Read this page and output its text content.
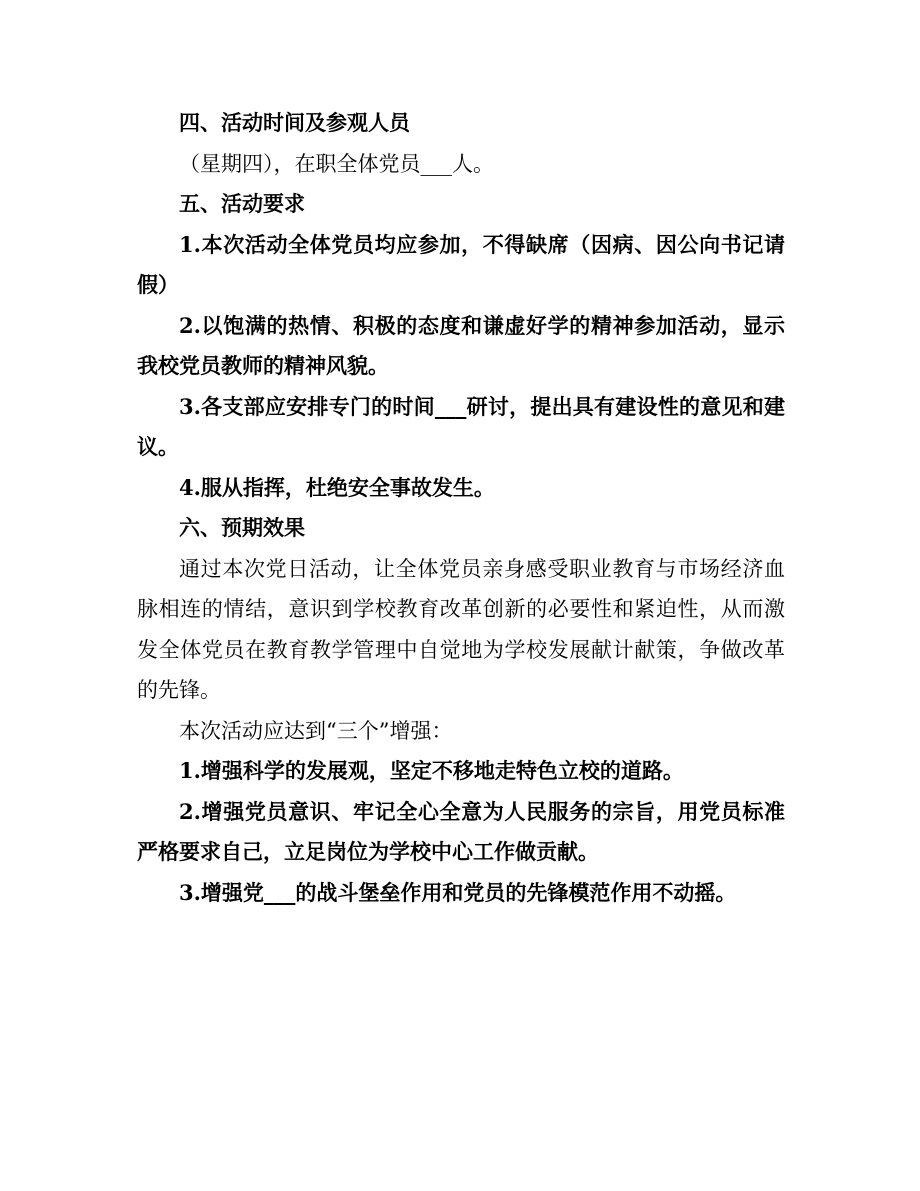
四、活动时间及参观人员

（星期四），在职全体党员___人。

五、活动要求

1.本次活动全体党员均应参加，不得缺席（因病、因公向书记请假）

2.以饱满的热情、积极的态度和谦虚好学的精神参加活动，显示我校党员教师的精神风貌。

3.各支部应安排专门的时间___研讨，提出具有建设性的意见和建议。

4.服从指挥，杜绝安全事故发生。

六、预期效果

通过本次党日活动，让全体党员亲身感受职业教育与市场经济血脉相连的情结，意识到学校教育改革创新的必要性和紧迫性，从而激发全体党员在教育教学管理中自觉地为学校发展献计献策，争做改革的先锋。

本次活动应达到“三个”增强：

1.增强科学的发展观，坚定不移地走特色立校的道路。

2.增强党员意识、牢记全心全意为人民服务的宗旨，用党员标准严格要求自己，立足岗位为学校中心工作做贡献。

3.增强党___的战斗堡垒作用和党员的先锋模范作用不动摇。
